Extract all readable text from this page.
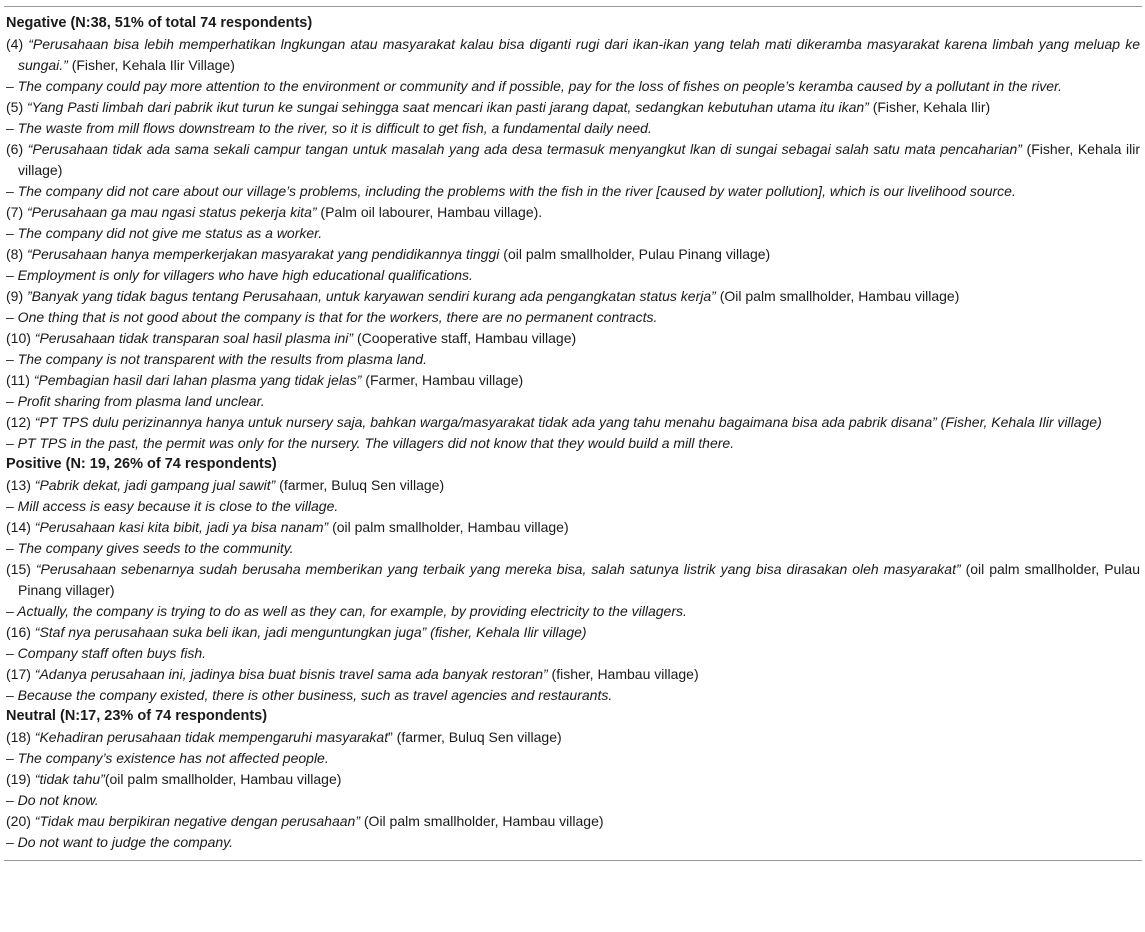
Negative (N:38, 51% of total 74 respondents)
(4) “Perusahaan bisa lebih memperhatikan lngkungan atau masyarakat kalau bisa diganti rugi dari ikan-ikan yang telah mati dikeramba masyarakat karena limbah yang meluap ke sungai.” (Fisher, Kehala Ilir Village)
– The company could pay more attention to the environment or community and if possible, pay for the loss of fishes on people’s keramba caused by a pollutant in the river.
(5) “Yang Pasti limbah dari pabrik ikut turun ke sungai sehingga saat mencari ikan pasti jarang dapat, sedangkan kebutuhan utama itu ikan” (Fisher, Kehala Ilir)
– The waste from mill flows downstream to the river, so it is difficult to get fish, a fundamental daily need.
(6) “Perusahaan tidak ada sama sekali campur tangan untuk masalah yang ada desa termasuk menyangkut lkan di sungai sebagai salah satu mata pencaharian” (Fisher, Kehala ilir village)
– The company did not care about our village’s problems, including the problems with the fish in the river [caused by water pollution], which is our livelihood source.
(7) “Perusahaan ga mau ngasi status pekerja kita” (Palm oil labourer, Hambau village).
– The company did not give me status as a worker.
(8) “Perusahaan hanya memperkerjakan masyarakat yang pendidikannya tinggi (oil palm smallholder, Pulau Pinang village)
– Employment is only for villagers who have high educational qualifications.
(9) ”Banyak yang tidak bagus tentang Perusahaan, untuk karyawan sendiri kurang ada pengangkatan status kerja” (Oil palm smallholder, Hambau village)
– One thing that is not good about the company is that for the workers, there are no permanent contracts.
(10) “Perusahaan tidak transparan soal hasil plasma ini” (Cooperative staff, Hambau village)
– The company is not transparent with the results from plasma land.
(11) “Pembagian hasil dari lahan plasma yang tidak jelas” (Farmer, Hambau village)
– Profit sharing from plasma land unclear.
(12) “PT TPS dulu perizinannya hanya untuk nursery saja, bahkan warga/masyarakat tidak ada yang tahu menahu bagaimana bisa ada pabrik disana” (Fisher, Kehala Ilir village)
– PT TPS in the past, the permit was only for the nursery. The villagers did not know that they would build a mill there.
Positive (N: 19, 26% of 74 respondents)
(13) “Pabrik dekat, jadi gampang jual sawit” (farmer, Buluq Sen village)
– Mill access is easy because it is close to the village.
(14) “Perusahaan kasi kita bibit, jadi ya bisa nanam” (oil palm smallholder, Hambau village)
– The company gives seeds to the community.
(15) “Perusahaan sebenarnya sudah berusaha memberikan yang terbaik yang mereka bisa, salah satunya listrik yang bisa dirasakan oleh masyarakat” (oil palm smallholder, Pulau Pinang villager)
– Actually, the company is trying to do as well as they can, for example, by providing electricity to the villagers.
(16) “Staf nya perusahaan suka beli ikan, jadi menguntungkan juga” (fisher, Kehala Ilir village)
– Company staff often buys fish.
(17) “Adanya perusahaan ini, jadinya bisa buat bisnis travel sama ada banyak restoran” (fisher, Hambau village)
– Because the company existed, there is other business, such as travel agencies and restaurants.
Neutral (N:17, 23% of 74 respondents)
(18) “Kehadiran perusahaan tidak mempengaruhi masyarakat” (farmer, Buluq Sen village)
– The company’s existence has not affected people.
(19) “tidak tahu”(oil palm smallholder, Hambau village)
– Do not know.
(20) “Tidak mau berpikiran negative dengan perusahaan” (Oil palm smallholder, Hambau village)
– Do not want to judge the company.
